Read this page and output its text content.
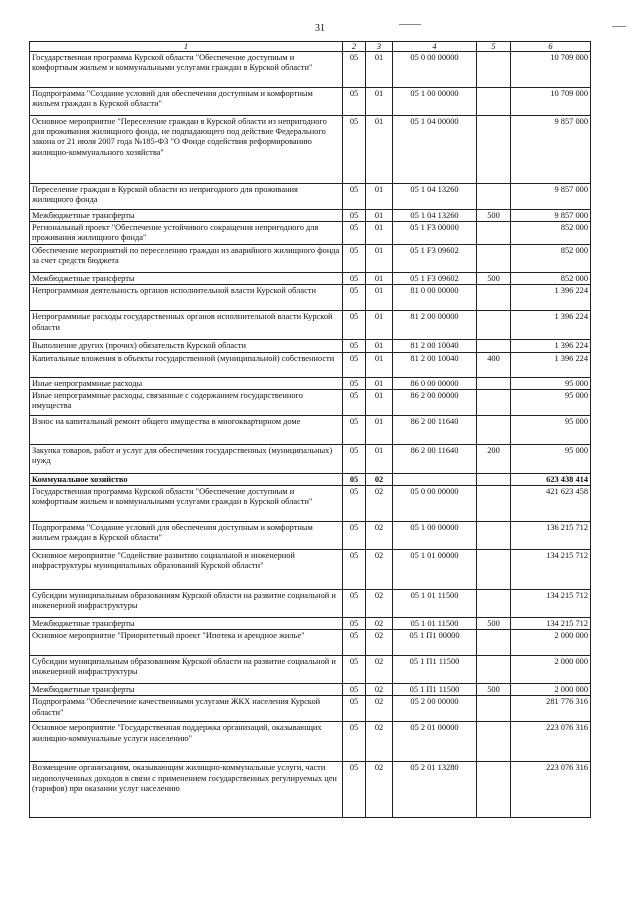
31
1	2	3	4	5	6
Государственная программа Курской области "Обеспечение доступным и комфортным жильем и коммунальными услугами граждан в Курской области"	05	01	05 0 00 00000		10 709 000
Подпрограмма "Создание условий для обеспечения доступным и комфортным жильем граждан в Курской области"	05	01	05 1 00 00000		10 709 000
Основное мероприятие "Переселение граждан в Курской области из непригодного для проживания жилищного фонда, не подпадающего под действие Федерального закона от 21 июля 2007 года №185-ФЗ "О Фонде содействия реформированию жилищно-коммунального хозяйства"	05	01	05 1 04 00000		9 857 000
Переселение граждан в Курской области из непригодного для проживания жилищного фонда	05	01	05 1 04 13260		9 857 000
Межбюджетные трансферты	05	01	05 1 04 13260	500	9 857 000
Региональный проект "Обеспечение устойчивого сокращения непригодного для проживания жилищного фонда"	05	01	05 1 F3 00000		852 000
Обеспечение мероприятий по переселению граждан из аварийного жилищного фонда за счет средств бюджета	05	01	05 1 F3 09602		852 000
Межбюджетные трансферты	05	01	05 1 F3 09602	500	852 000
Непрограммная деятельность органов исполнительной власти Курской области	05	01	81 0 00 00000		1 396 224
Непрограммные расходы государственных органов исполнительной власти Курской области	05	01	81 2 00 00000		1 396 224
Выполнение других (прочих) обязательств Курской области	05	01	81 2 00 10040		1 396 224
Капитальные вложения в объекты государственной (муниципальной) собственности	05	01	81 2 00 10040	400	1 396 224
Иные непрограммные расходы	05	01	86 0 00 00000		95 000
Иные непрограммные расходы, связанные с содержанием государственного имущества	05	01	86 2 00 00000		95 000
Взнос на капитальный ремонт общего имущества в многоквартирном доме	05	01	86 2 00 11640		95 000
Закупка товаров, работ и услуг для обеспечения государственных (муниципальных) нужд	05	01	86 2 00 11640	200	95 000
Коммунальное хозяйство	05	02			623 438 414
Государственная программа Курской области "Обеспечение доступным и комфортным жильем и коммунальными услугами граждан в Курской области"	05	02	05 0 00 00000		421 623 458
Подпрограмма "Создание условий для обеспечения доступным и комфортным жильем граждан в Курской области"	05	02	05 1 00 00000		136 215 712
Основное мероприятие "Содействие развитию социальной и инженерной инфраструктуры муниципальных образований Курской области"	05	02	05 1 01 00000		134 215 712
Субсидии муниципальным образованиям Курской области на развитие социальной и инженерной инфраструктуры	05	02	05 1 01 11500		134 215 712
Межбюджетные трансферты	05	02	05 1 01 11500	500	134 215 712
Основное мероприятие "Приоритетный проект "Ипотека и арендное жилье"	05	02	05 1 П1 00000		2 000 000
Субсидии муниципальным образованиям Курской области на развитие социальной и инженерной инфраструктуры	05	02	05 1 П1 11500		2 000 000
Межбюджетные трансферты	05	02	05 1 П1 11500	500	2 000 000
Подпрограмма "Обеспечение качественными услугами ЖКХ населения Курской области"	05	02	05 2 00 00000		281 776 316
Основное мероприятие "Государственная поддержка организаций, оказывающих жилищно-коммунальные услуги населению"	05	02	05 2 01 00000		223 076 316
Возмещение организациям, оказывающим жилищно-коммунальные услуги, части недополученных доходов в связи с применением государственных регулируемых цен (тарифов) при оказании услуг населению	05	02	05 2 01 13280		223 076 316
